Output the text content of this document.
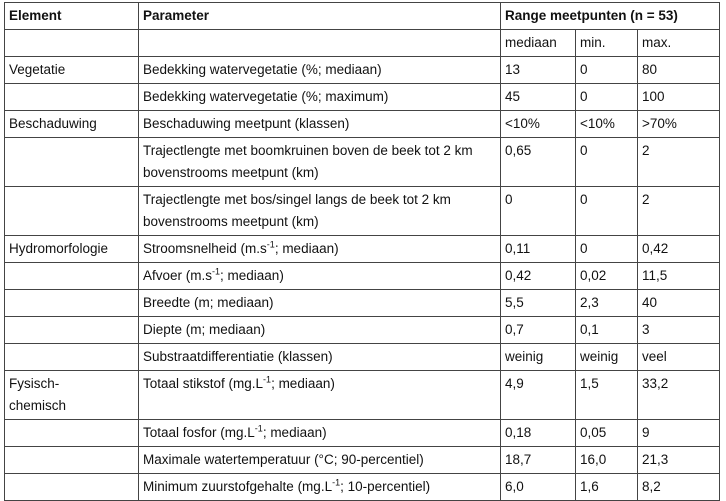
Element	Parameter	Range meetpunten (n = 53)		
		mediaan	min.	max.
Vegetatie	Bedekking watervegetatie (%; mediaan)	13	0	80
	Bedekking watervegetatie (%; maximum)	45	0	100
Beschaduwing	Beschaduwing meetpunt (klassen)	<10%	<10%	>70%
	Trajectlengte met boomkruinen boven de beek tot 2 km bovenstrooms meetpunt (km)	0,65	0	2
	Trajectlengte met bos/singel langs de beek tot 2 km bovenstrooms meetpunt (km)	0	0	2
Hydromorfologie	Stroomsnelheid ($m.s^{-1}$; mediaan)	0,11	0	0,42
	Afvoer ($m.s^{-1}$; mediaan)	0,42	0,02	11,5
	Breedte (m; mediaan)	5,5	2,3	40
	Diepte (m; mediaan)	0,7	0,1	3
	Substraatdifferentiatie (klassen)	weinig	weinig	veel
Fysisch-
chemisch	Totaal stikstof ($mg.L^{-1}$; mediaan)	4,9	1,5	33,2
	Totaal fosfor ($mg.L^{-1}$; mediaan)	0,18	0,05	9
	Maximale watertemperatuur (°C; 90-percentiel)	18,7	16,0	21,3
	Minimum zuurstofgehalte ($mg.L^{-1}$; 10-percentiel)	6,0	1,6	8,2
